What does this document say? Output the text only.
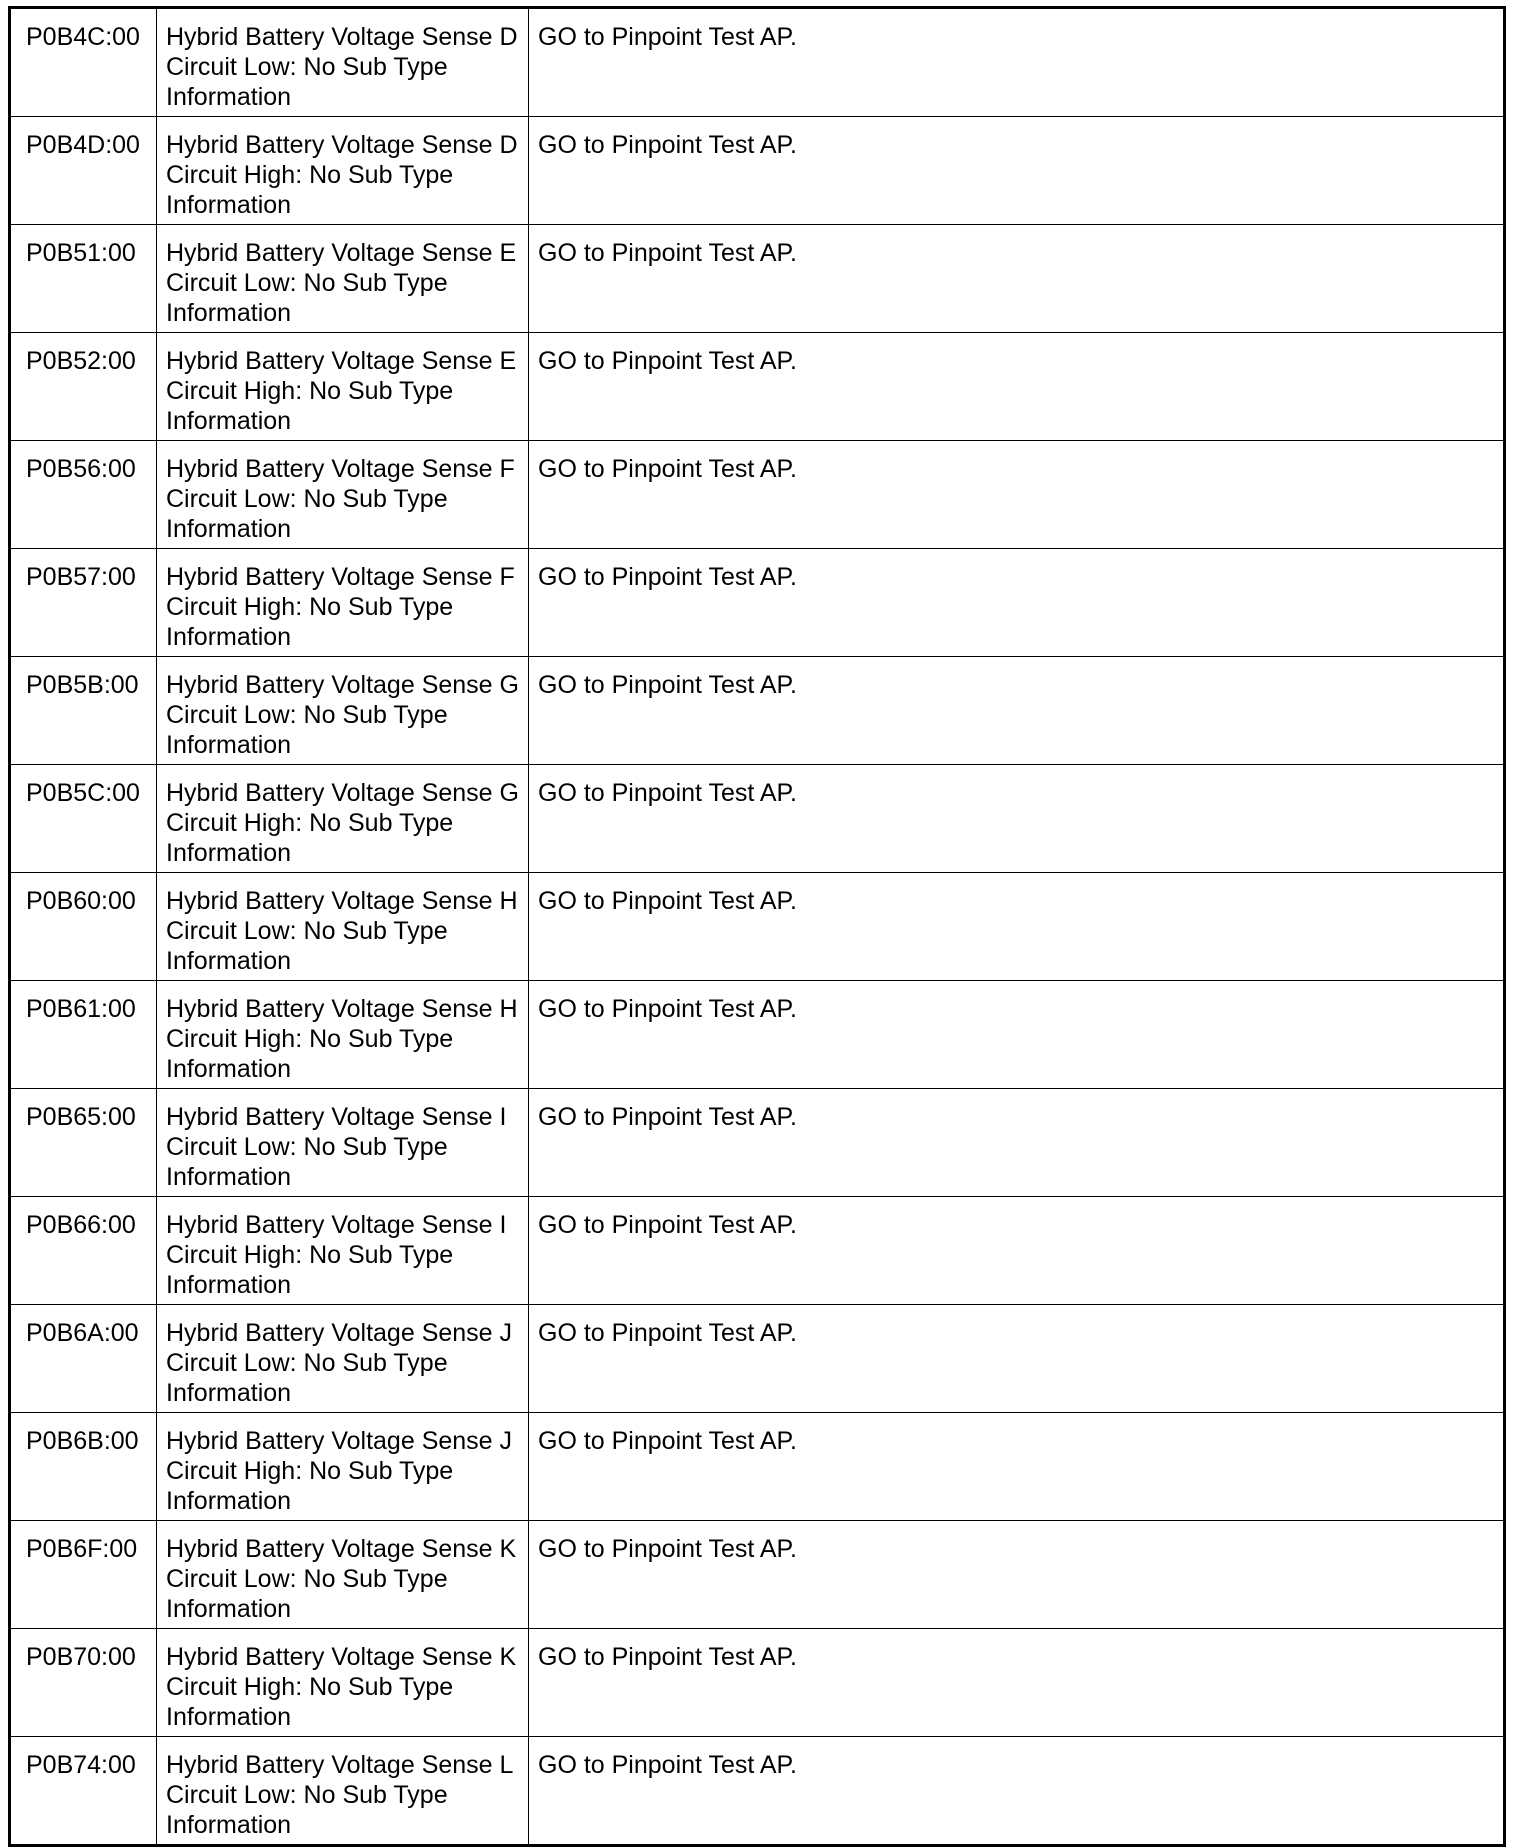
P0B4C:00	Hybrid Battery Voltage Sense D
Circuit Low: No Sub Type
Information	GO to Pinpoint Test AP.

P0B4D:00	Hybrid Battery Voltage Sense D
Circuit High: No Sub Type
Information	GO to Pinpoint Test AP.

P0B51:00	Hybrid Battery Voltage Sense E
Circuit Low: No Sub Type
Information	GO to Pinpoint Test AP.

P0B52:00	Hybrid Battery Voltage Sense E
Circuit High: No Sub Type
Information	GO to Pinpoint Test AP.

P0B56:00	Hybrid Battery Voltage Sense F
Circuit Low: No Sub Type
Information	GO to Pinpoint Test AP.

P0B57:00	Hybrid Battery Voltage Sense F
Circuit High: No Sub Type
Information	GO to Pinpoint Test AP.

P0B5B:00	Hybrid Battery Voltage Sense G
Circuit Low: No Sub Type
Information	GO to Pinpoint Test AP.

P0B5C:00	Hybrid Battery Voltage Sense G
Circuit High: No Sub Type
Information	GO to Pinpoint Test AP.

P0B60:00	Hybrid Battery Voltage Sense H
Circuit Low: No Sub Type
Information	GO to Pinpoint Test AP.

P0B61:00	Hybrid Battery Voltage Sense H
Circuit High: No Sub Type
Information	GO to Pinpoint Test AP.

P0B65:00	Hybrid Battery Voltage Sense I
Circuit Low: No Sub Type
Information	GO to Pinpoint Test AP.

P0B66:00	Hybrid Battery Voltage Sense I
Circuit High: No Sub Type
Information	GO to Pinpoint Test AP.

P0B6A:00	Hybrid Battery Voltage Sense J
Circuit Low: No Sub Type
Information	GO to Pinpoint Test AP.

P0B6B:00	Hybrid Battery Voltage Sense J
Circuit High: No Sub Type
Information	GO to Pinpoint Test AP.

P0B6F:00	Hybrid Battery Voltage Sense K
Circuit Low: No Sub Type
Information	GO to Pinpoint Test AP.

P0B70:00	Hybrid Battery Voltage Sense K
Circuit High: No Sub Type
Information	GO to Pinpoint Test AP.

P0B74:00	Hybrid Battery Voltage Sense L
Circuit Low: No Sub Type
Information	GO to Pinpoint Test AP.
